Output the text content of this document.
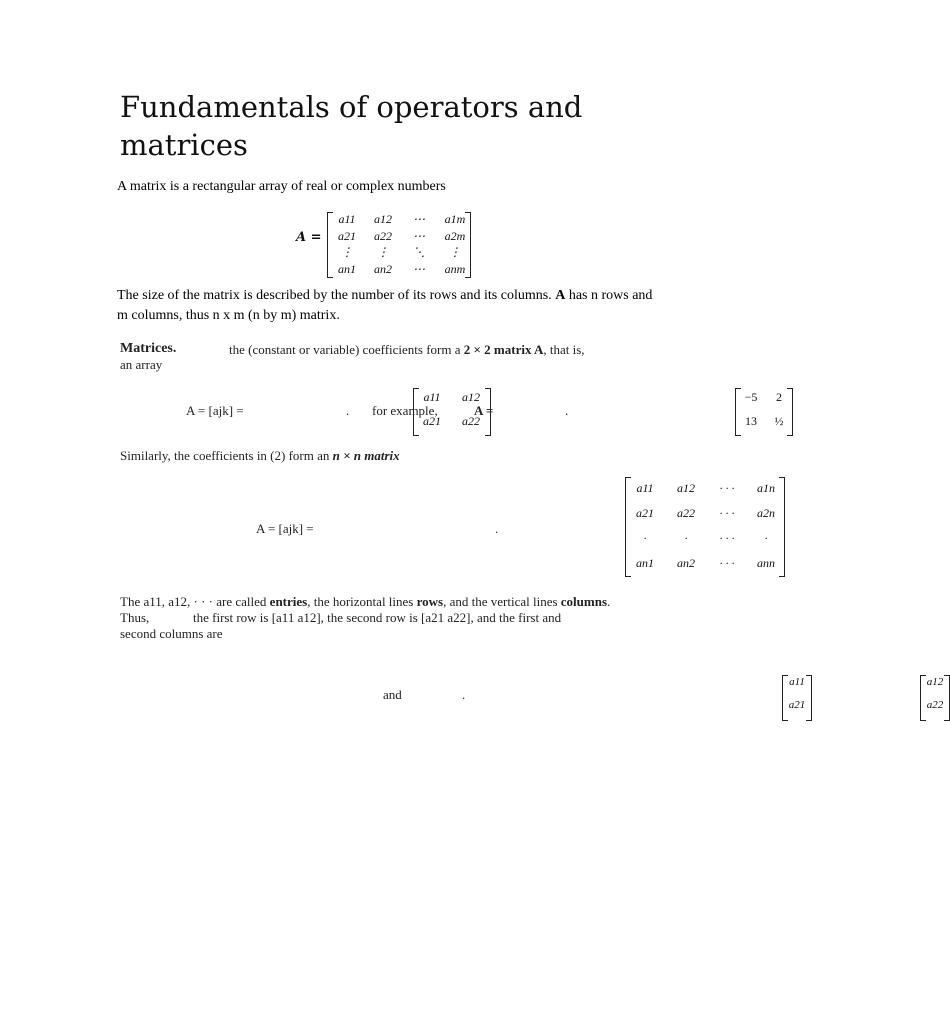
Fundamentals of operators and matrices
A matrix is a rectangular array of real or complex numbers
A =
a11	a12	⋯	a1m
a21	a22	⋯	a2m
⋮	⋮	⋱	⋮
an1	an2	⋯	anm

The size of the matrix is described by the number of its rows and its columns. A has n rows and m columns, thus n x m (n by m) matrix.
Matrices.	the (constant or variable) coefficients form a 2 × 2 matrix A, that is,
an array
A = [ajk] =
a11	a12
a21	a22

. for example,	A =
−5	2
13	½

.
Similarly, the coefficients in (2) form an n × n matrix
A = [ajk] =
a11	a12	· · ·	a1n
a21	a22	· · ·	a2n
·	·	· · ·	·
an1	an2	· · ·	ann

.
The a11, a12, · · · are called entries, the horizontal lines rows, and the vertical lines columns.
Thus,	the first row is [a11 a12], the second row is [a21 a22], and the first and
second columns are
a11
a21

and
a12
a22
.
